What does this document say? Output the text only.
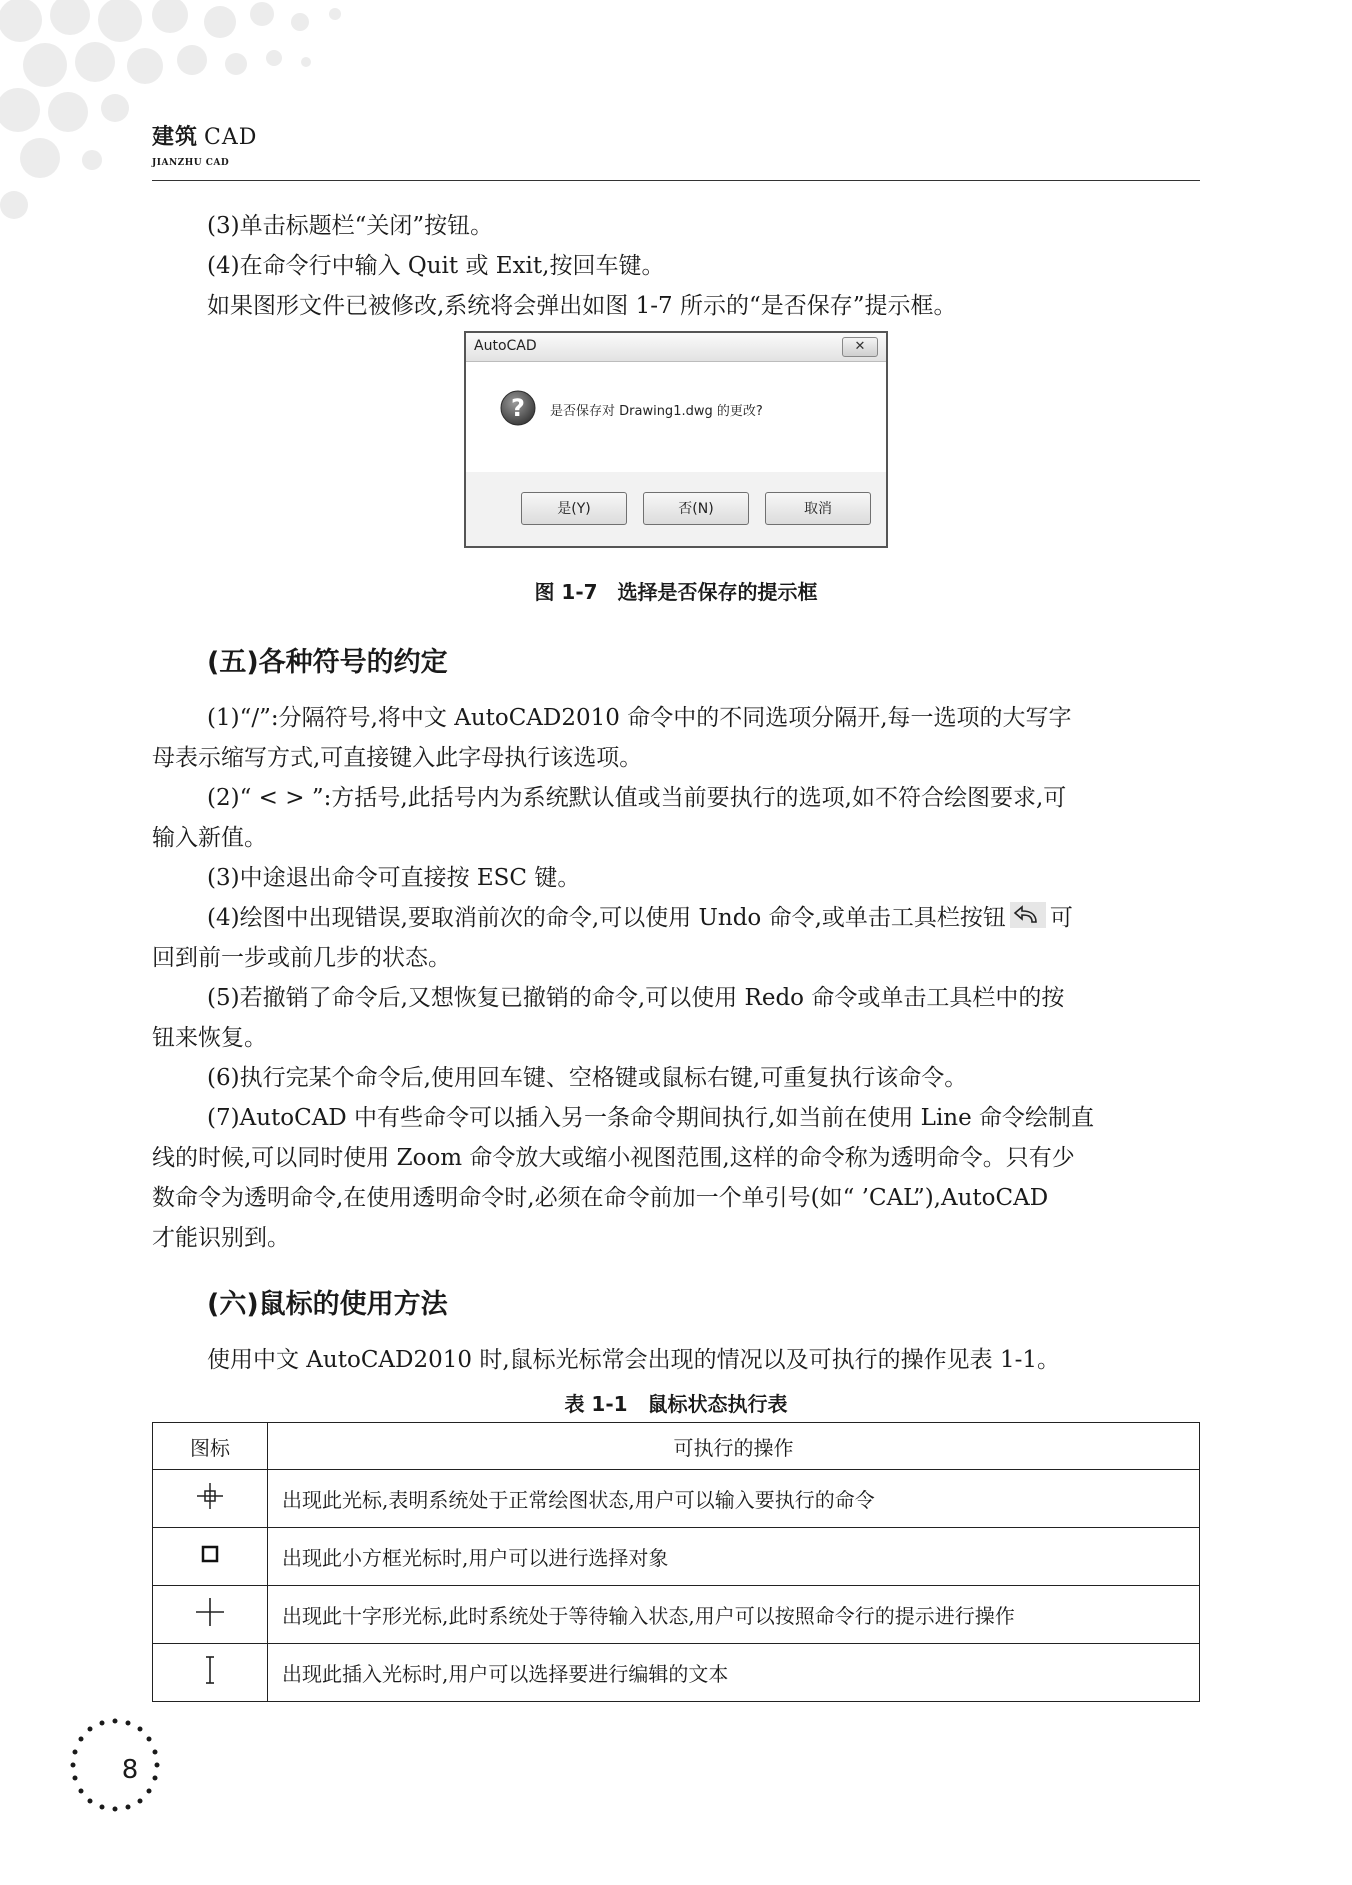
建筑 CAD
JIANZHU CAD
(3)单击标题栏“关闭”按钮。
(4)在命令行中输入 Quit 或 Exit,按回车键。
如果图形文件已被修改,系统将会弹出如图 1-7 所示的“是否保存”提示框。
AutoCAD	✕
? 是否保存对 Drawing1.dwg 的更改?
是(Y)	否(N)	取消
图 1-7　选择是否保存的提示框
(五)各种符号的约定
(1)“/”:分隔符号,将中文 AutoCAD2010 命令中的不同选项分隔开,每一选项的大写字
母表示缩写方式,可直接键入此字母执行该选项。
(2)“ < > ”:方括号,此括号内为系统默认值或当前要执行的选项,如不符合绘图要求,可
输入新值。
(3)中途退出命令可直接按 ESC 键。
(4)绘图中出现错误,要取消前次的命令,可以使用 Undo 命令,或单击工具栏按钮 可
回到前一步或前几步的状态。
(5)若撤销了命令后,又想恢复已撤销的命令,可以使用 Redo 命令或单击工具栏中的按
钮来恢复。
(6)执行完某个命令后,使用回车键、空格键或鼠标右键,可重复执行该命令。
(7)AutoCAD 中有些命令可以插入另一条命令期间执行,如当前在使用 Line 命令绘制直
线的时候,可以同时使用 Zoom 命令放大或缩小视图范围,这样的命令称为透明命令。只有少
数命令为透明命令,在使用透明命令时,必须在命令前加一个单引号(如“ ’CAL”),AutoCAD
才能识别到。
(六)鼠标的使用方法
使用中文 AutoCAD2010 时,鼠标光标常会出现的情况以及可执行的操作见表 1-1。
表 1-1　鼠标状态执行表
图标	可执行的操作
	出现此光标,表明系统处于正常绘图状态,用户可以输入要执行的命令
	出现此小方框光标时,用户可以进行选择对象
	出现此十字形光标,此时系统处于等待输入状态,用户可以按照命令行的提示进行操作
	出现此插入光标时,用户可以选择要进行编辑的文本
8
